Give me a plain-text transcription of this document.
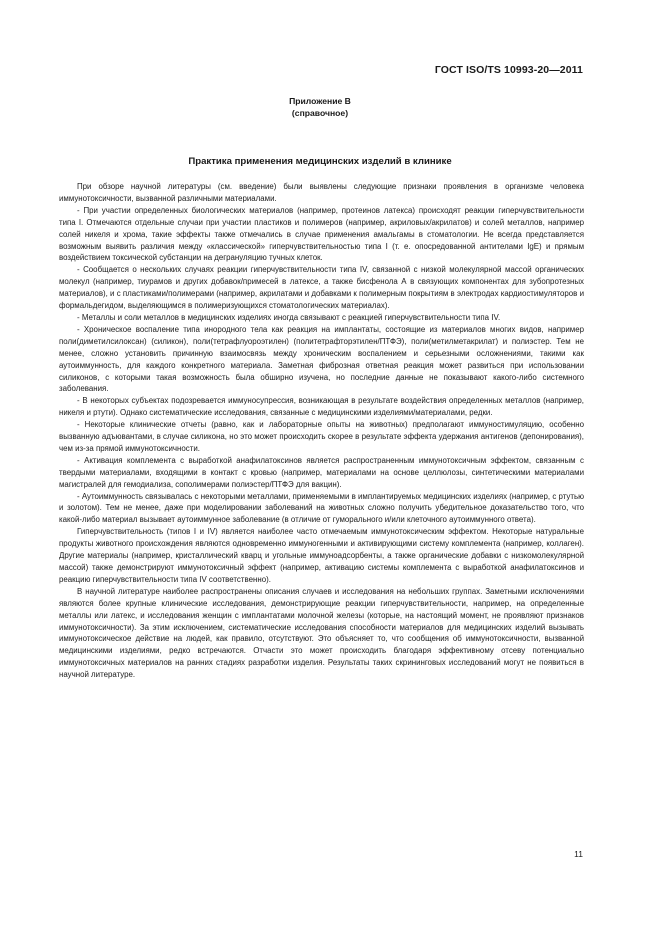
ГОСТ ISO/TS 10993-20—2011
Приложение В
(справочное)
Практика применения медицинских изделий в клинике

При обзоре научной литературы (см. введение) были выявлены следующие признаки проявления в организме человека иммунотоксичности, вызванной различными материалами.

- При участии определенных биологических материалов (например, протеинов латекса) происходят реакции гиперчувствительности типа I. Отмечаются отдельные случаи при участии пластиков и полимеров (например, акриловых/акрилатов) и солей металлов, например солей никеля и хрома, такие эффекты также отмечались в случае применения амальгамы в стоматологии. Не всегда представляется возможным выявить различия между «классической» гиперчувствительностью типа I (т. е. опосредованной антителами IgE) и прямым воздействием токсической субстанции на дегрануляцию тучных клеток.

- Сообщается о нескольких случаях реакции гиперчувствительности типа IV, связанной с низкой молекулярной массой органических молекул (например, тиурамов и других добавок/примесей в латексе, а также бисфенола А в связующих компонентах для зубопротезных материалов), и с пластиками/полимерами (например, акрилатами и добавками к полимерным покрытиям в электродах кардиостимуляторов и формальдегидом, выделяющимся в полимеризующихся стоматологических материалах).

- Металлы и соли металлов в медицинских изделиях иногда связывают с реакцией гиперчувствительности типа IV.

- Хроническое воспаление типа инородного тела как реакция на имплантаты, состоящие из материалов многих видов, например поли(диметилсилоксан) (силикон), поли(тетрафлуороэтилен) (политетрафторэтилен/ПТФЭ), поли(метилметакрилат) и полиэстер. Тем не менее, сложно установить причинную взаимосвязь между хроническим воспалением и серьезными осложнениями, такими как аутоиммунность, для каждого конкретного материала. Заметная фиброзная ответная реакция может развиться при использовании силиконов, с которыми такая возможность была обширно изучена, но последние данные не показывают какого-либо системного заболевания.

- В некоторых субъектах подозревается иммуносупрессия, возникающая в результате воздействия определенных металлов (например, никеля и ртути). Однако систематические исследования, связанные с медицинскими изделиями/материалами, редки.

- Некоторые клинические отчеты (равно, как и лабораторные опыты на животных) предполагают иммуностимуляцию, особенно вызванную адъювантами, в случае силикона, но это может происходить скорее в результате эффекта удержания антигенов (депонирования), чем из-за прямой иммунотоксичности.

- Активация комплемента с выработкой анафилатоксинов является распространенным иммунотоксичным эффектом, связанным с твердыми материалами, входящими в контакт с кровью (например, материалами на основе целлюлозы, синтетическими материалами магистралей для гемодиализа, сополимерами полиэстер/ПТФЭ для вакцин).

- Аутоиммунность связывалась с некоторыми металлами, применяемыми в имплантируемых медицинских изделиях (например, с ртутью и золотом). Тем не менее, даже при моделировании заболеваний на животных сложно получить убедительное доказательство того, что какой-либо материал вызывает аутоиммунное заболевание (в отличие от гуморального и/или клеточного аутоиммунного ответа).

Гиперчувствительность (типов I и IV) является наиболее часто отмечаемым иммунотоксическим эффектом. Некоторые натуральные продукты животного происхождения являются одновременно иммуногенными и активирующими систему комплемента (например, коллаген). Другие материалы (например, кристаллический кварц и угольные иммуноадсорбенты, а также органические добавки с низкомолекулярной массой) также демонстрируют иммунотоксичный эффект (например, активацию системы комплемента с выработкой анафилатоксинов и реакцию гиперчувствительности типа IV соответственно).

В научной литературе наиболее распространены описания случаев и исследования на небольших группах. Заметными исключениями являются более крупные клинические исследования, демонстрирующие реакции гиперчувствительности, например, на определенные металлы или латекс, и исследования женщин с имплантатами молочной железы (которые, на настоящий момент, не проявляют признаков иммунотоксичности). За этим исключением, систематические исследования способности материалов для медицинских изделий вызывать иммунотоксическое действие на людей, как правило, отсутствуют. Это объясняет то, что сообщения об иммунотоксичности, вызванной медицинскими изделиями, редко встречаются. Отчасти это может происходить благодаря эффективному отсеву потенциально иммунотоксичных материалов на ранних стадиях разработки изделия. Результаты таких скрининговых исследований могут не появиться в научной литературе.

11
